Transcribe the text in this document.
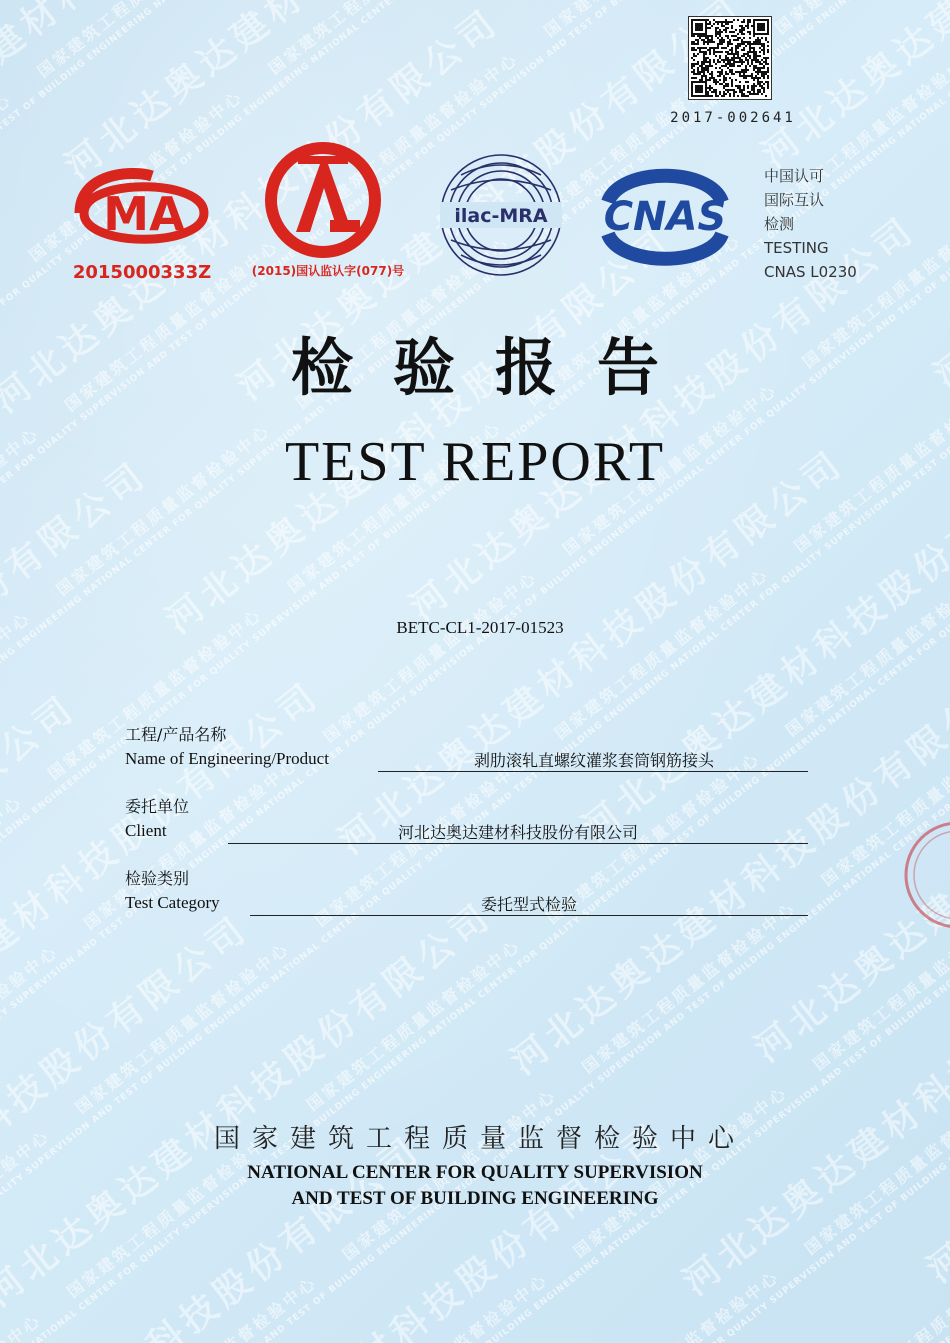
　　　　国家建筑工程质量监督检验中心　　国家建筑工程质量监督检验中心　　　　　　　　　　
　　国家建筑工程质量监督检验中心　　国家建筑工程质量监督检验中心　　国家建筑工程质量监督检验中心　　　　　　　　　　
　　国家建筑工程质量监督检验中心　　国家建筑工程质量监督检验中心　　国家建筑工程质量监督检验中心　　国家建筑工程质量监督检验中心　　　　　　　　
河北达奥达建材科技股份有限公司　　　河北达奥达建材科技股份有限公司　　　　　　　　　
　　国家建筑工程质量监督检验中心　　国家建筑工程质量监督检验中心　　国家建筑工程质量监督检验中心　　国家建筑工程质量监督检验中心　　国家建筑工程质量监督检验中心　　　　　　
河北达奥达建材科技股份有限公司　　　河北达奥达建材科技股份有限公司　　　　　　　　　
国家建筑工程质量监督检验中心　　国家建筑工程质量监督检验中心　　国家建筑工程质量监督检验中心　　国家建筑工程质量监督检验中心　　国家建筑工程质量监督检验中心　　　　　　　　
河北达奥达建材科技股份有限公司　　　河北达奥达建材科技股份有限公司　　　河北达奥达建材科技股份有限公司　　　　　　
国家建筑工程质量监督检验中心　　国家建筑工程质量监督检验中心　　国家建筑工程质量监督检验中心　　国家建筑工程质量监督检验中心　　国家建筑工程质量监督检验中心　　　　　　　　
QUALITY SUPERVISION AND TEST OF BUILDING ENGINEERING NATIONAL CENTER FOR QUALITY SUPERVISION AND TEST OF BUILDING ENGINEERING NATIONAL CENTER FOR QUALITY SUPERVISION AND TEST OF
河北达奥达建材科技股份有限公司　　　河北达奥达建材科技股份有限公司　　　　　　　　　
　　国家建筑工程质量监督检验中心　　国家建筑工程质量监督检验中心　　国家建筑工程质量监督检验中心　　国家建筑工程质量监督检验中心　　　　　　　　
NATIONAL CENTER FOR QUALITY SUPERVISION AND TEST OF BUILDING ENGINEERING NATIONAL CENTER FOR QUALITY SUPERVISION AND TEST OF BUILDING ENGINEERING NATIONAL CENTER FOR QUALITY
河北达奥达建材科技股份有限公司　　　河北达奥达建材科技股份有限公司　　　　　　　　　
　　国家建筑工程质量监督检验中心　　国家建筑工程质量监督检验中心　　国家建筑工程质量监督检验中心　　　　　　　　　　
AND TEST OF BUILDING ENGINEERING NATIONAL CENTER FOR QUALITY SUPERVISION AND TEST OF BUILDING ENGINEERING NATIONAL CENTER FOR
河北达奥达建材科技股份有限公司　　　河北达奥达建材科技股份有限公司　　　　　　　　　
　　　　国家建筑工程质量监督检验中心　　国家建筑工程质量监督检验中心　　　　　　　　　　
BUILDING ENGINEERING NATIONAL CENTER FOR QUALITY SUPERVISION AND TEST OF BUILDING ENGINEERING
　　　河北达奥达建材科技股份有限公司　　　　　　　　　
　　　　　　国家建筑工程质量监督检验中心　　　　　　　　　　
QUALITY SUPERVISION AND TEST OF BUILDING ENGINEERING
　　　河北达奥达建材科技股份有限公司　　　　　　　　　
　　　　国家建筑工程质量监督检验中心　　　　　　　　　　　　
SUPERVISION
　　　河北达奥达建材科技股份有限公司　　　　　　　　　
2017-002641
MA
2015000333Z	(2015)国认监认字(077)号
ilac-MRA CNAS
中国认可
国际互认
检测
TESTING
CNAS L0230
检验报告
TEST REPORT
BETC-CL1-2017-01523
工程/产品名称
Name of Engineering/Product	剥肋滚轧直螺纹灌浆套筒钢筋接头
委托单位
Client	河北达奥达建材科技股份有限公司
检验类别
Test Category	委托型式检验
国家建筑工程质量监督检验中心
NATIONAL CENTER FOR QUALITY SUPERVISION
AND TEST OF BUILDING ENGINEERING
